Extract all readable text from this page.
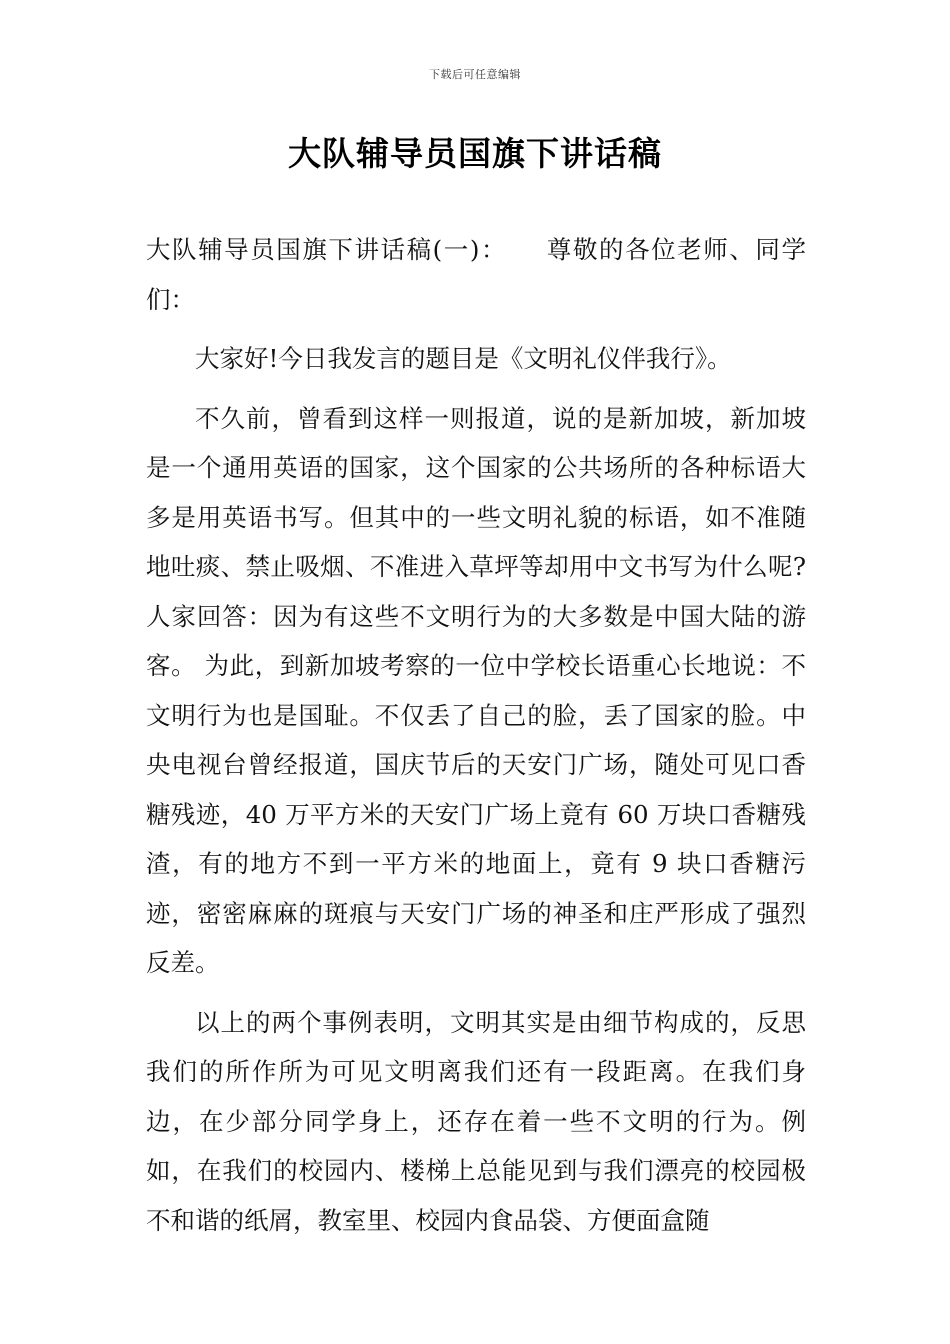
下载后可任意编辑
大队辅导员国旗下讲话稿

大队辅导员国旗下讲话稿(一)：　　尊敬的各位老师、同学们：

大家好!今日我发言的题目是《文明礼仪伴我行》。

不久前，曾看到这样一则报道，说的是新加坡，新加坡是一个通用英语的国家，这个国家的公共场所的各种标语大多是用英语书写。但其中的一些文明礼貌的标语，如不准随地吐痰、禁止吸烟、不准进入草坪等却用中文书写为什么呢?人家回答：因为有这些不文明行为的大多数是中国大陆的游客。 为此，到新加坡考察的一位中学校长语重心长地说：不文明行为也是国耻。不仅丢了自己的脸，丢了国家的脸。中央电视台曾经报道，国庆节后的天安门广场，随处可见口香糖残迹，40 万平方米的天安门广场上竟有 60 万块口香糖残渣，有的地方不到一平方米的地面上，竟有 9 块口香糖污迹，密密麻麻的斑痕与天安门广场的神圣和庄严形成了强烈反差。

以上的两个事例表明，文明其实是由细节构成的，反思我们的所作所为可见文明离我们还有一段距离。在我们身边，在少部分同学身上，还存在着一些不文明的行为。例如，在我们的校园内、楼梯上总能见到与我们漂亮的校园极不和谐的纸屑，教室里、校园内食品袋、方便面盒随
